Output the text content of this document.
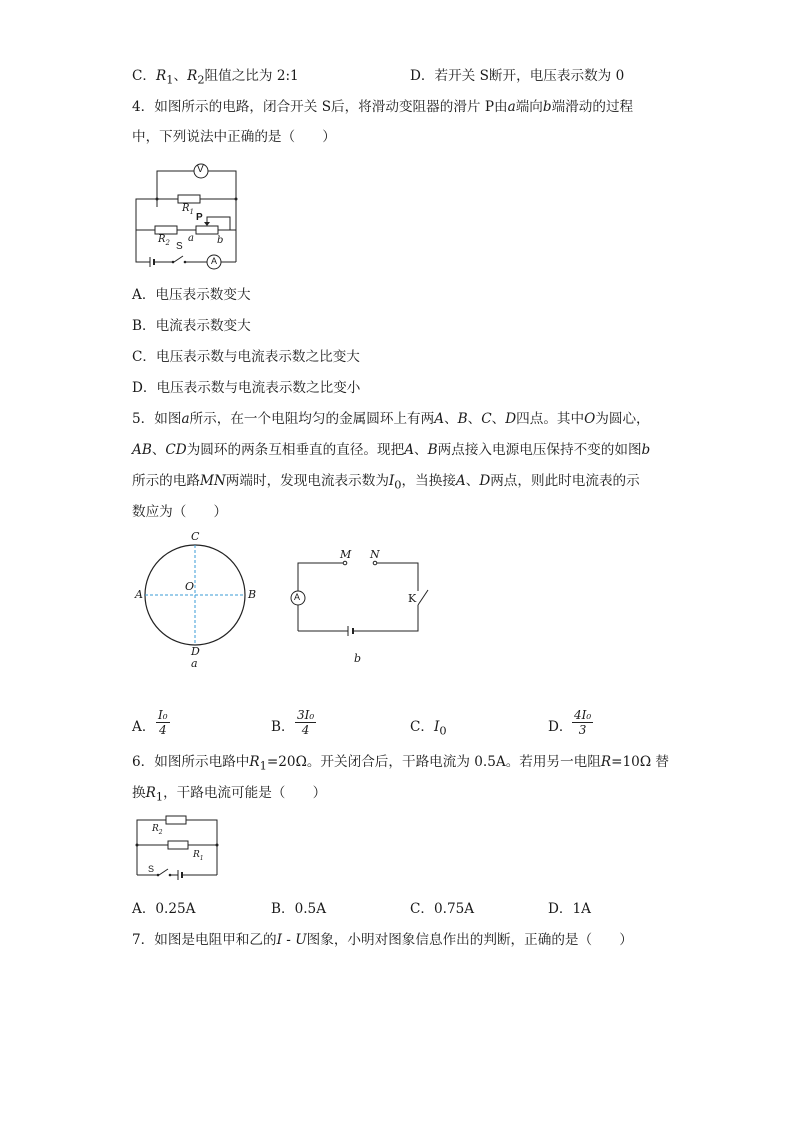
C．$R_1$、$R_2$阻值之比为 2:1	D．若开关 S断开，电压表示数为 0
4．如图所示的电路，闭合开关 S后，将滑动变阻器的滑片 P由a端向b端滑动的过程
中，下列说法中正确的是（　　）
V
$R_1$
$R_2$
P
a b
S
A
A．电压表示数变大
B．电流表示数变大
C．电压表示数与电流表示数之比变大
D．电压表示数与电流表示数之比变小
5．如图a所示，在一个电阻均匀的金属圆环上有两A、B、C、D四点。其中O为圆心，
AB、CD为圆环的两条互相垂直的直径。现把A、B两点接入电源电压保持不变的如图b
所示的电路MN两端时，发现电流表示数为$I_0$，当换接A、D两点，则此时电流表的示
数应为（　　）
C
O
A	B
D
a
M N
A	K
b
A． $\frac{\text{I₀}}{4}$	B． $\frac{\text{3I₀}}{4}$	C．$I_0$	D． $\frac{\text{4I₀}}{3}$
6．如图所示电路中$R_1=20\Omega$。开关闭合后，干路电流为 0.5A。若用另一电阻R=10Ω 替
换$R_1$，干路电流可能是（　　）
$R_2$
$R_1$
S
A．0.25A	B．0.5A	C．0.75A	D．1A
7．如图是电阻甲和乙的I - U图象，小明对图象信息作出的判断，正确的是（　　）
